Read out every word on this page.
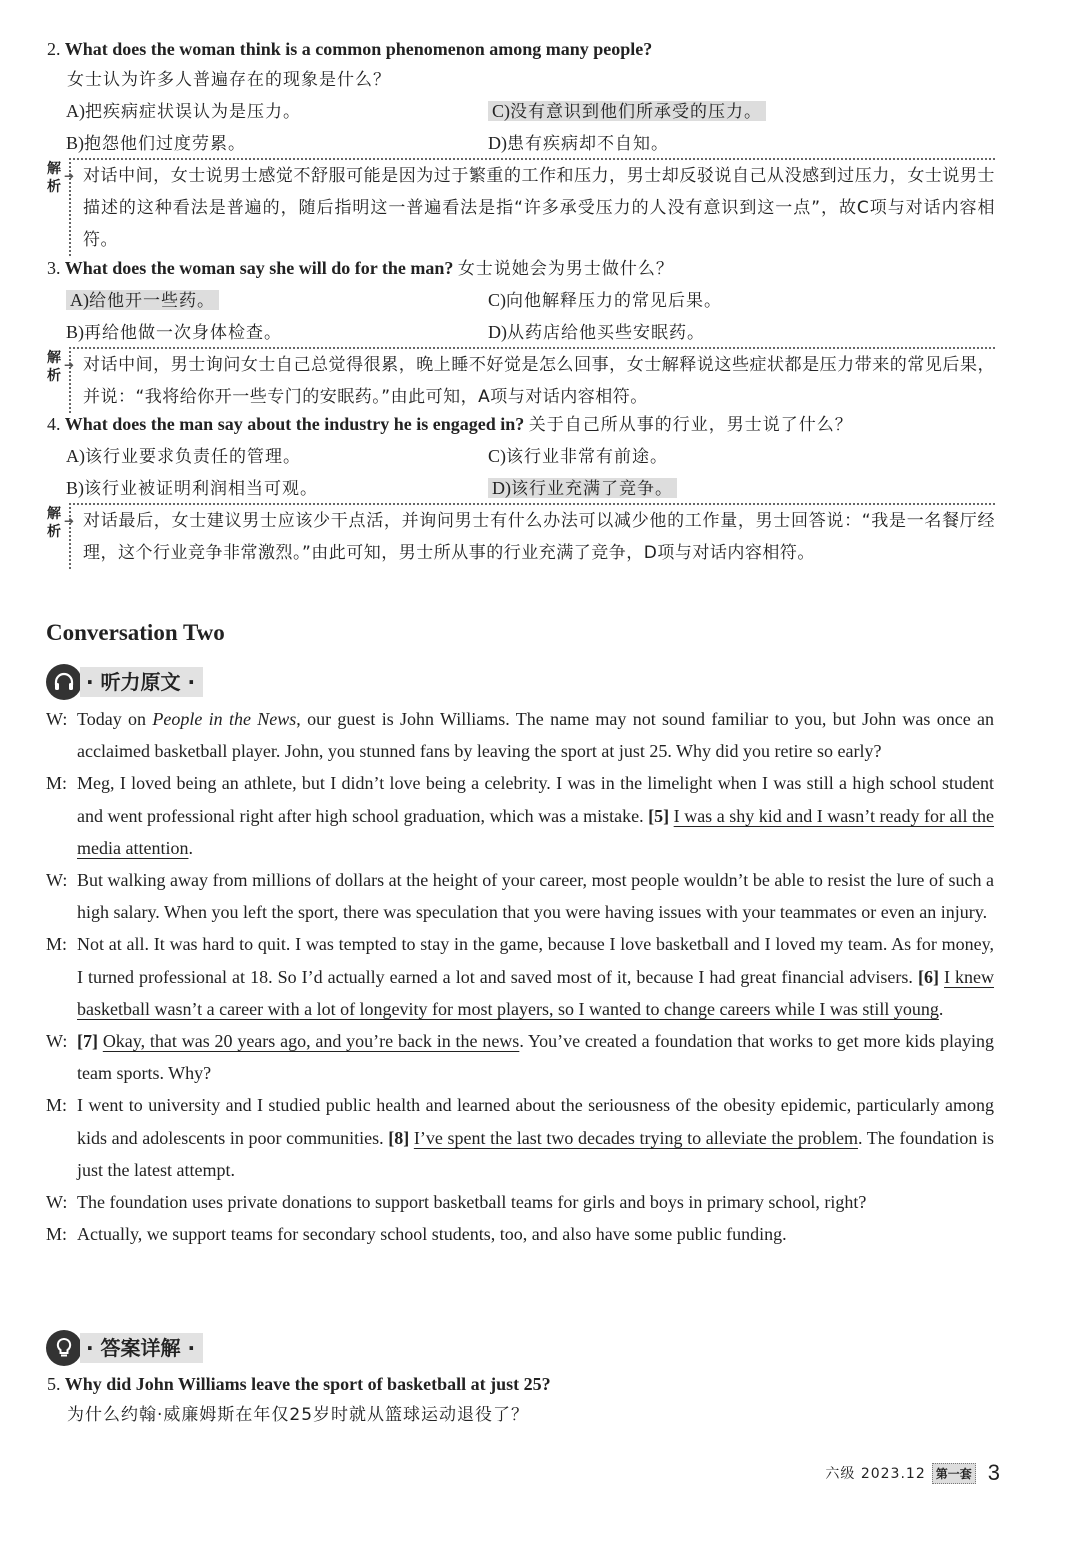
2. What does the woman think is a common phenomenon among many people?
女士认为许多人普遍存在的现象是什么？
A)把疾病症状误认为是压力。	C)没有意识到他们所承受的压力。
B)抱怨他们过度劳累。	D)患有疾病却不自知。
解析
➔ 对话中间，女士说男士感觉不舒服可能是因为过于繁重的工作和压力，男士却反驳说自己从没感到过压力，女士说男士描述的这种看法是普遍的，随后指明这一普遍看法是指“许多承受压力的人没有意识到这一点”，故C项与对话内容相符。
3. What does the woman say she will do for the man? 女士说她会为男士做什么？
A)给他开一些药。	C)向他解释压力的常见后果。
B)再给他做一次身体检查。	D)从药店给他买些安眠药。
解析
➔ 对话中间，男士询问女士自己总觉得很累，晚上睡不好觉是怎么回事，女士解释说这些症状都是压力带来的常见后果，并说：“我将给你开一些专门的安眠药。”由此可知，A项与对话内容相符。
4. What does the man say about the industry he is engaged in? 关于自己所从事的行业，男士说了什么？
A)该行业要求负责任的管理。	C)该行业非常有前途。
B)该行业被证明利润相当可观。	D)该行业充满了竞争。
解析
➔ 对话最后，女士建议男士应该少干点活，并询问男士有什么办法可以减少他的工作量，男士回答说：“我是一名餐厅经理，这个行业竞争非常激烈。”由此可知，男士所从事的行业充满了竞争，D项与对话内容相符。
Conversation Two
· 听力原文 ·
W: Today on People in the News, our guest is John Williams. The name may not sound familiar to you, but John was once an acclaimed basketball player. John, you stunned fans by leaving the sport at just 25. Why did you retire so early?
M: Meg, I loved being an athlete, but I didn’t love being a celebrity. I was in the limelight when I was still a high school student and went professional right after high school graduation, which was a mistake. [5] I was a shy kid and I wasn’t ready for all the media attention.
W: But walking away from millions of dollars at the height of your career, most people wouldn’t be able to resist the lure of such a high salary. When you left the sport, there was speculation that you were having issues with your teammates or even an injury.
M: Not at all. It was hard to quit. I was tempted to stay in the game, because I love basketball and I loved my team. As for money, I turned professional at 18. So I’d actually earned a lot and saved most of it, because I had great financial advisers. [6] I knew basketball wasn’t a career with a lot of longevity for most players, so I wanted to change careers while I was still young.
W: [7] Okay, that was 20 years ago, and you’re back in the news. You’ve created a foundation that works to get more kids playing team sports. Why?
M: I went to university and I studied public health and learned about the seriousness of the obesity epidemic, particularly among kids and adolescents in poor communities. [8] I’ve spent the last two decades trying to alleviate the problem. The foundation is just the latest attempt.
W: The foundation uses private donations to support basketball teams for girls and boys in primary school, right?
M: Actually, we support teams for secondary school students, too, and also have some public funding.
· 答案详解 ·
5. Why did John Williams leave the sport of basketball at just 25?
为什么约翰·威廉姆斯在年仅25岁时就从篮球运动退役了？
六级 2023.12 第一套 3
